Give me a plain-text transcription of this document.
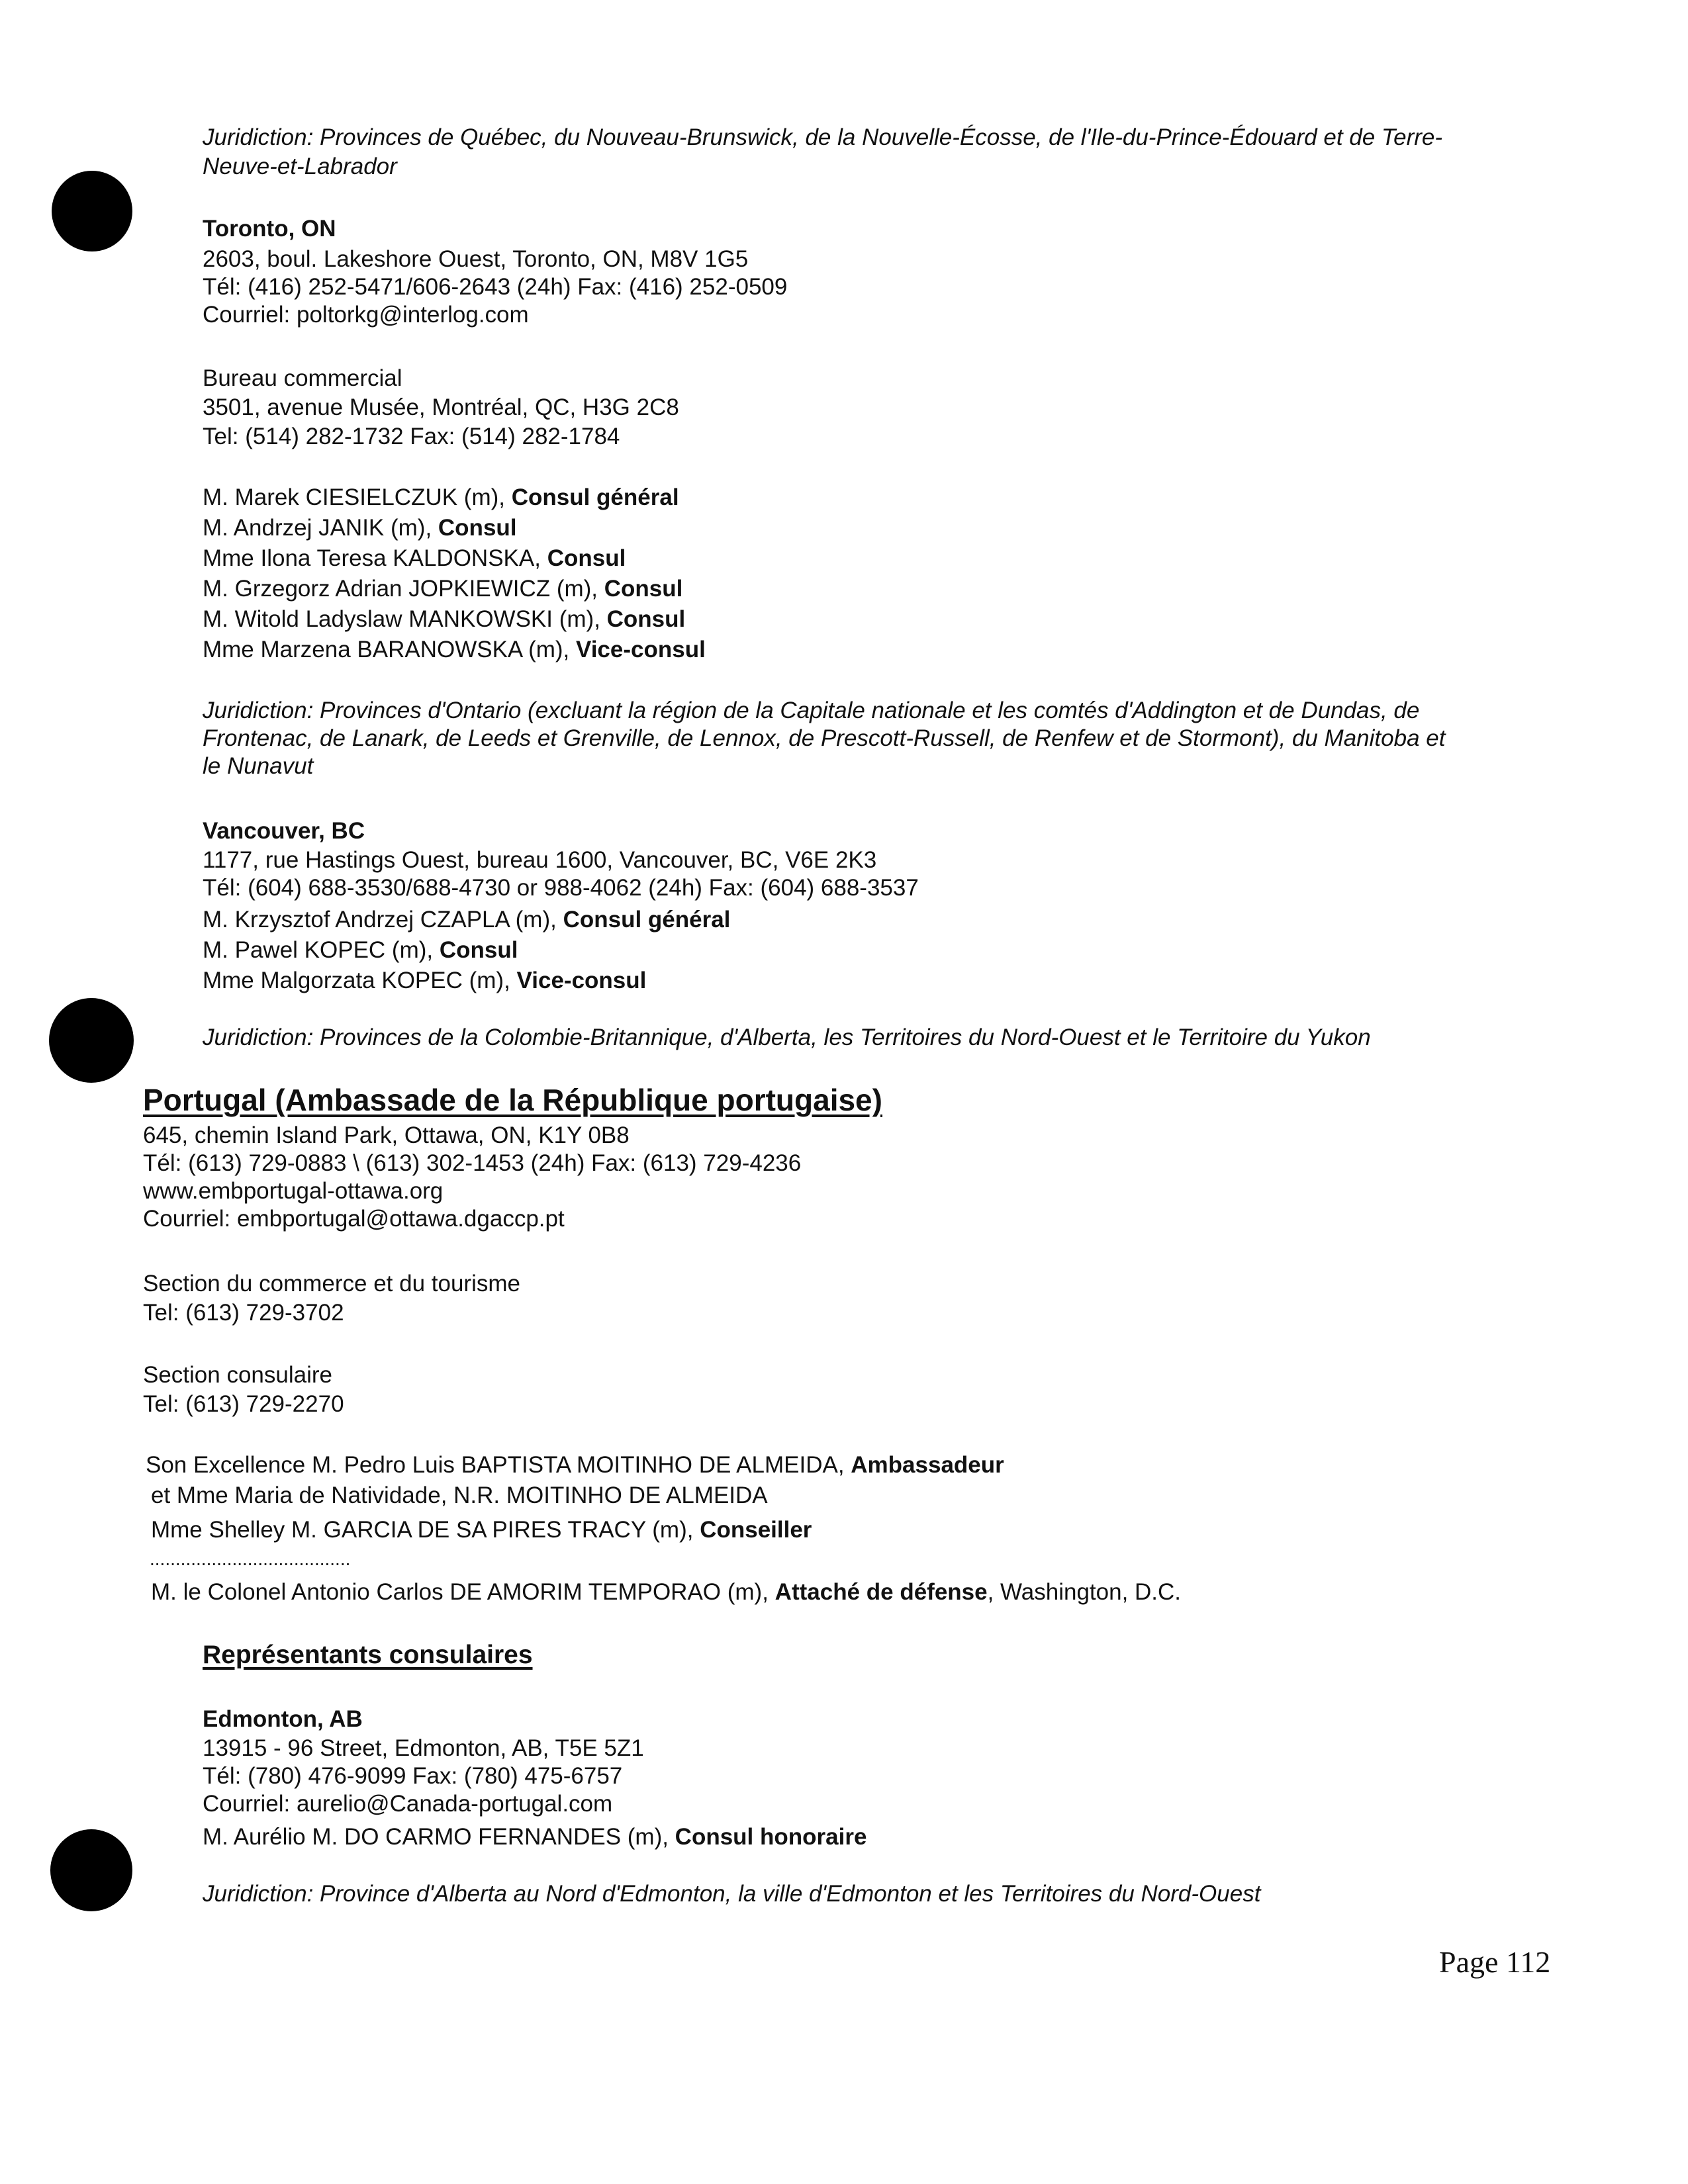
Juridiction: Provinces de Québec, du Nouveau-Brunswick, de la Nouvelle-Écosse, de l'Ile-du-Prince-Édouard et de Terre-
Neuve-et-Labrador
Toronto, ON
2603, boul. Lakeshore Ouest, Toronto, ON, M8V 1G5
Tél: (416) 252-5471/606-2643 (24h) Fax: (416) 252-0509
Courriel: poltorkg@interlog.com
Bureau commercial
3501, avenue Musée, Montréal, QC, H3G 2C8
Tel: (514) 282-1732 Fax: (514) 282-1784
M. Marek CIESIELCZUK (m), Consul général
M. Andrzej JANIK (m), Consul
Mme Ilona Teresa KALDONSKA, Consul
M. Grzegorz Adrian JOPKIEWICZ (m), Consul
M. Witold Ladyslaw MANKOWSKI (m), Consul
Mme Marzena BARANOWSKA (m), Vice-consul
Juridiction: Provinces d'Ontario (excluant la région de la Capitale nationale et les comtés d'Addington et de Dundas, de
Frontenac, de Lanark, de Leeds et Grenville, de Lennox, de Prescott-Russell, de Renfew et de Stormont), du Manitoba et
le Nunavut
Vancouver, BC
1177, rue Hastings Ouest, bureau 1600, Vancouver, BC, V6E 2K3
Tél: (604) 688-3530/688-4730 or 988-4062 (24h) Fax: (604) 688-3537
M. Krzysztof Andrzej CZAPLA (m), Consul général
M. Pawel KOPEC (m), Consul
Mme Malgorzata KOPEC (m), Vice-consul
Juridiction: Provinces de la Colombie-Britannique, d'Alberta, les Territoires du Nord-Ouest et le Territoire du Yukon
Portugal (Ambassade de la République portugaise)
645, chemin Island Park, Ottawa, ON, K1Y 0B8
Tél: (613) 729-0883 \ (613) 302-1453 (24h) Fax: (613) 729-4236
www.embportugal-ottawa.org
Courriel: embportugal@ottawa.dgaccp.pt
Section du commerce et du tourisme
Tel: (613) 729-3702
Section consulaire
Tel: (613) 729-2270
Son Excellence M. Pedro Luis BAPTISTA MOITINHO DE ALMEIDA, Ambassadeur
et Mme Maria de Natividade, N.R. MOITINHO DE ALMEIDA
Mme Shelley M. GARCIA DE SA PIRES TRACY (m), Conseiller
.......................................
M. le Colonel Antonio Carlos DE AMORIM TEMPORAO (m), Attaché de défense, Washington, D.C.
Représentants consulaires
Edmonton, AB
13915 - 96 Street, Edmonton, AB, T5E 5Z1
Tél: (780) 476-9099 Fax: (780) 475-6757
Courriel: aurelio@Canada-portugal.com
M. Aurélio M. DO CARMO FERNANDES (m), Consul honoraire
Juridiction: Province d'Alberta au Nord d'Edmonton, la ville d'Edmonton et les Territoires du Nord-Ouest
Page 112
